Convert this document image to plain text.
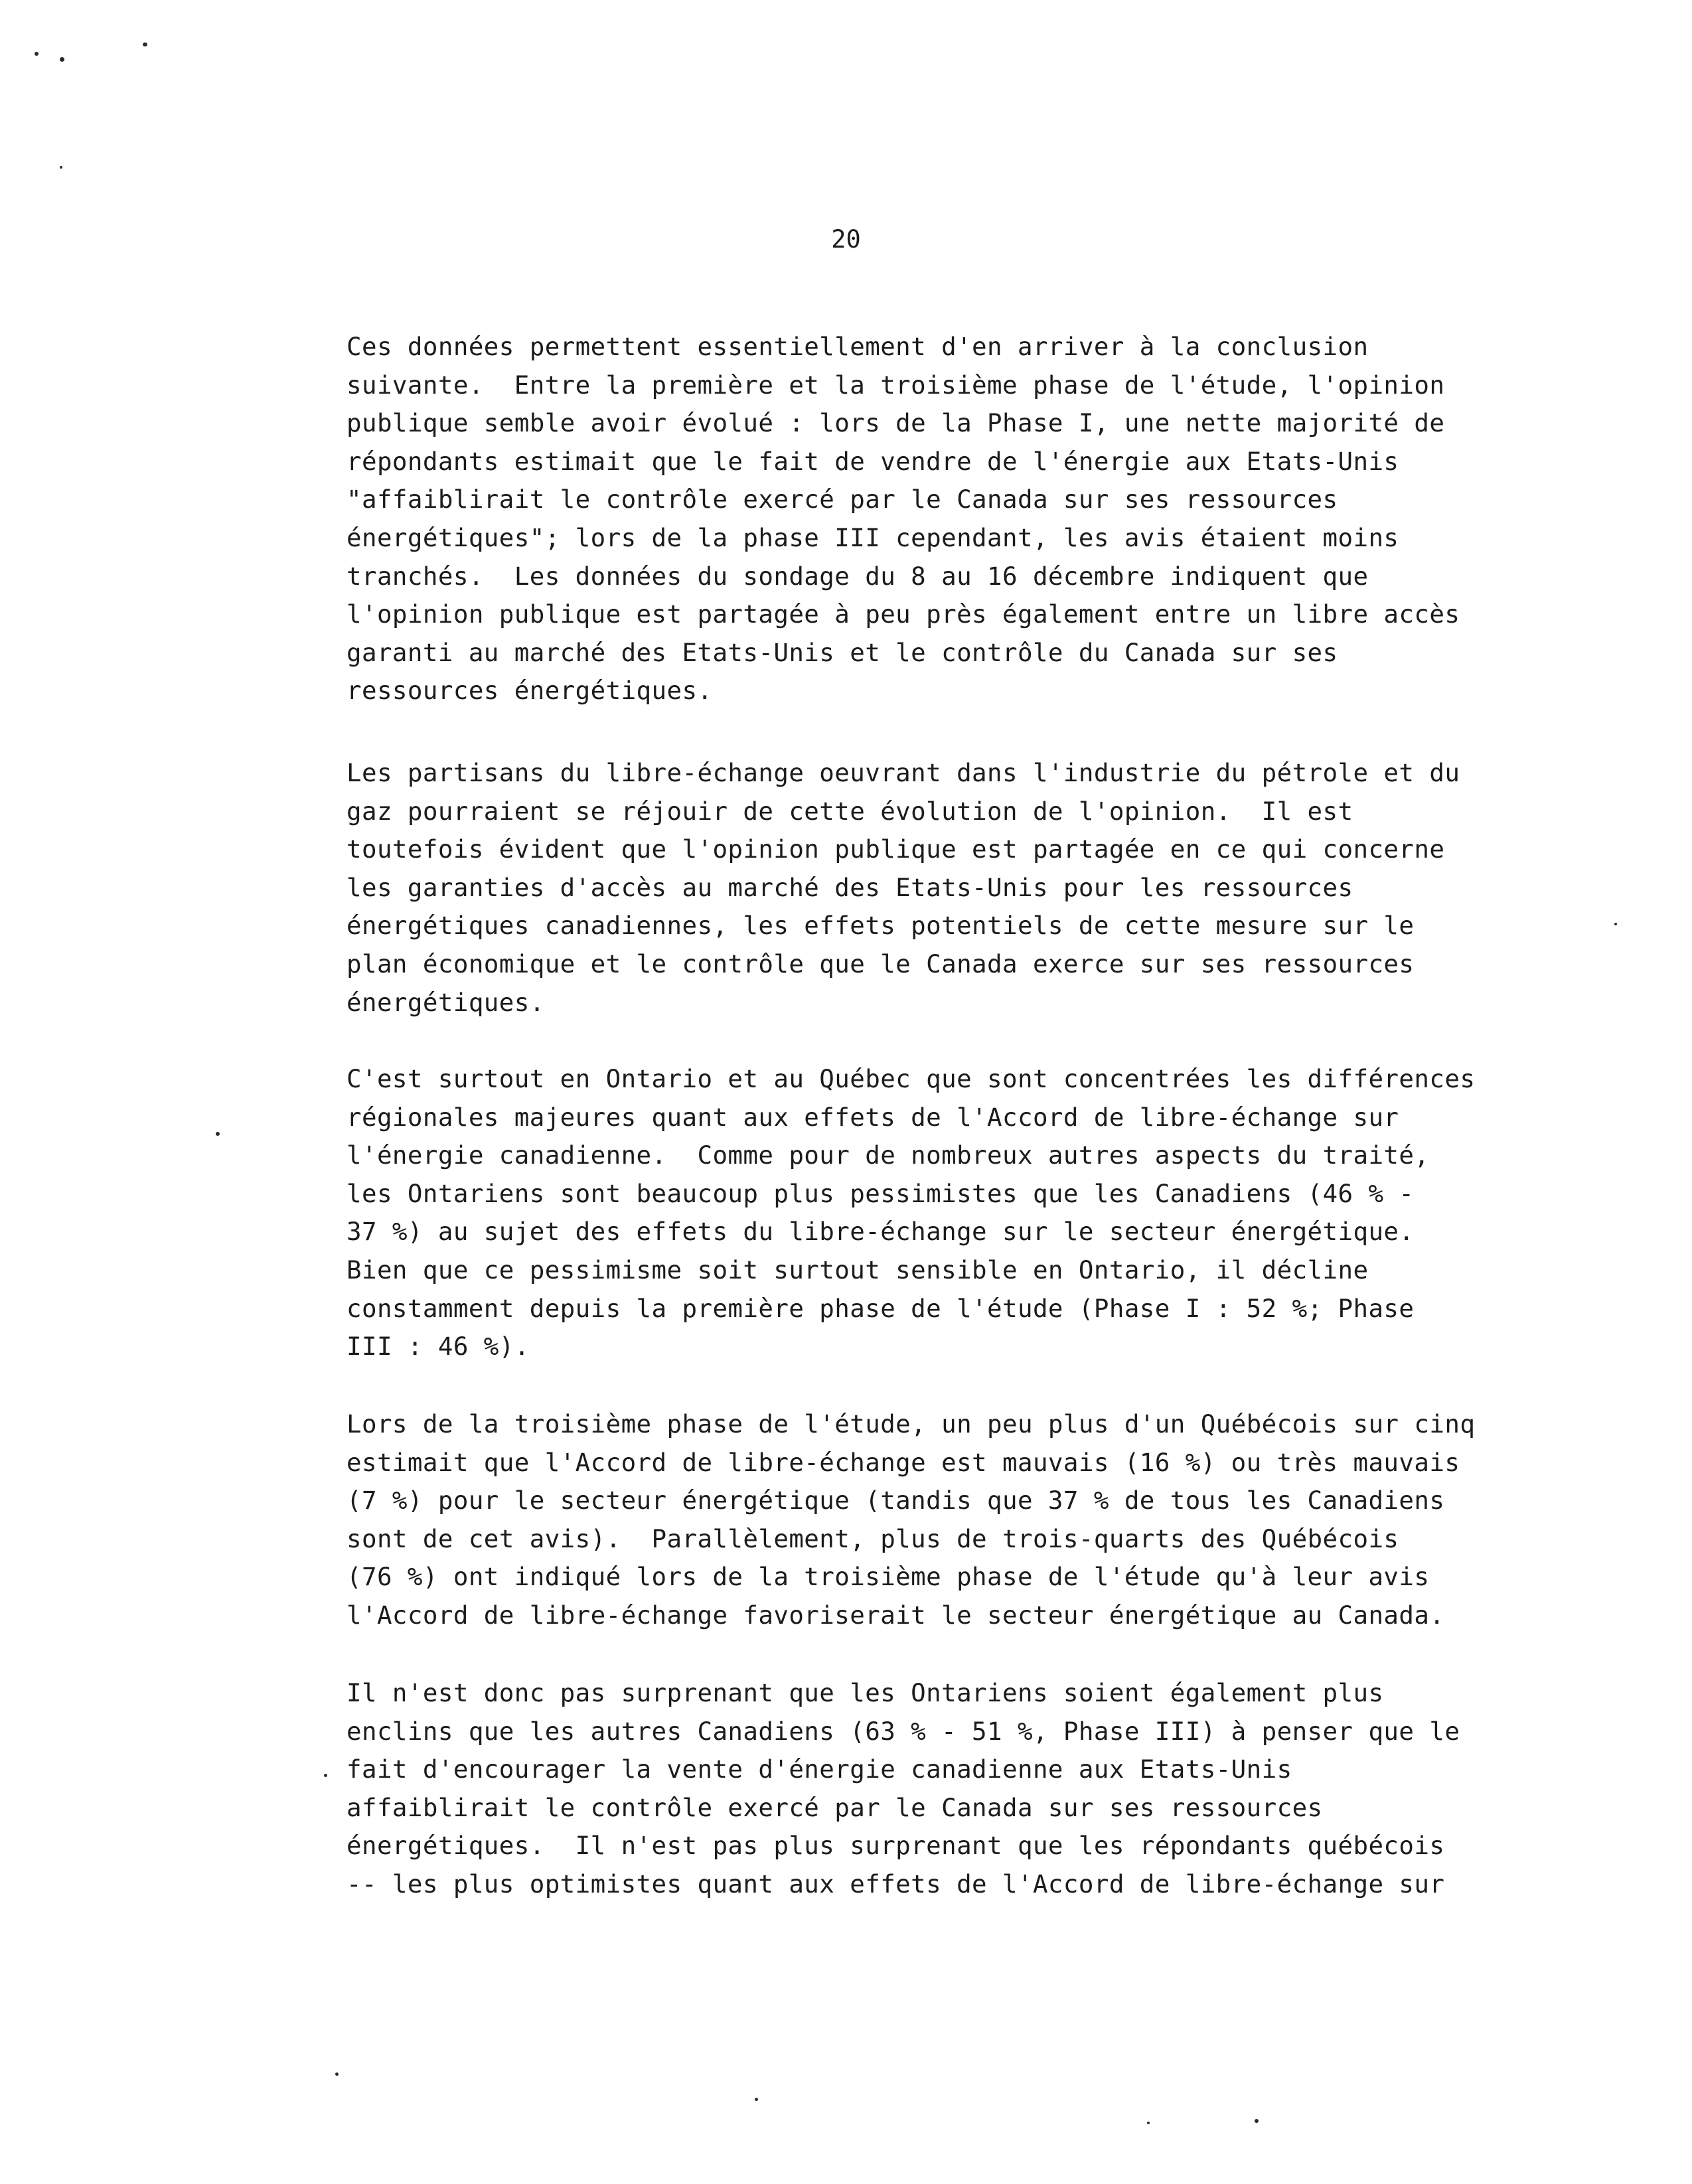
20
Ces données permettent essentiellement d'en arriver à la conclusion
suivante.  Entre la première et la troisième phase de l'étude, l'opinion
publique semble avoir évolué : lors de la Phase I, une nette majorité de
répondants estimait que le fait de vendre de l'énergie aux Etats-Unis
"affaiblirait le contrôle exercé par le Canada sur ses ressources
énergétiques"; lors de la phase III cependant, les avis étaient moins
tranchés.  Les données du sondage du 8 au 16 décembre indiquent que
l'opinion publique est partagée à peu près également entre un libre accès
garanti au marché des Etats-Unis et le contrôle du Canada sur ses
ressources énergétiques.
Les partisans du libre-échange oeuvrant dans l'industrie du pétrole et du
gaz pourraient se réjouir de cette évolution de l'opinion.  Il est
toutefois évident que l'opinion publique est partagée en ce qui concerne
les garanties d'accès au marché des Etats-Unis pour les ressources
énergétiques canadiennes, les effets potentiels de cette mesure sur le
plan économique et le contrôle que le Canada exerce sur ses ressources
énergétiques.
C'est surtout en Ontario et au Québec que sont concentrées les différences
régionales majeures quant aux effets de l'Accord de libre-échange sur
l'énergie canadienne.  Comme pour de nombreux autres aspects du traité,
les Ontariens sont beaucoup plus pessimistes que les Canadiens (46 % -
37 %) au sujet des effets du libre-échange sur le secteur énergétique.
Bien que ce pessimisme soit surtout sensible en Ontario, il décline
constamment depuis la première phase de l'étude (Phase I : 52 %; Phase
III : 46 %).
Lors de la troisième phase de l'étude, un peu plus d'un Québécois sur cinq
estimait que l'Accord de libre-échange est mauvais (16 %) ou très mauvais
(7 %) pour le secteur énergétique (tandis que 37 % de tous les Canadiens
sont de cet avis).  Parallèlement, plus de trois-quarts des Québécois
(76 %) ont indiqué lors de la troisième phase de l'étude qu'à leur avis
l'Accord de libre-échange favoriserait le secteur énergétique au Canada.
Il n'est donc pas surprenant que les Ontariens soient également plus
enclins que les autres Canadiens (63 % - 51 %, Phase III) à penser que le
fait d'encourager la vente d'énergie canadienne aux Etats-Unis
affaiblirait le contrôle exercé par le Canada sur ses ressources
énergétiques.  Il n'est pas plus surprenant que les répondants québécois
-- les plus optimistes quant aux effets de l'Accord de libre-échange sur
